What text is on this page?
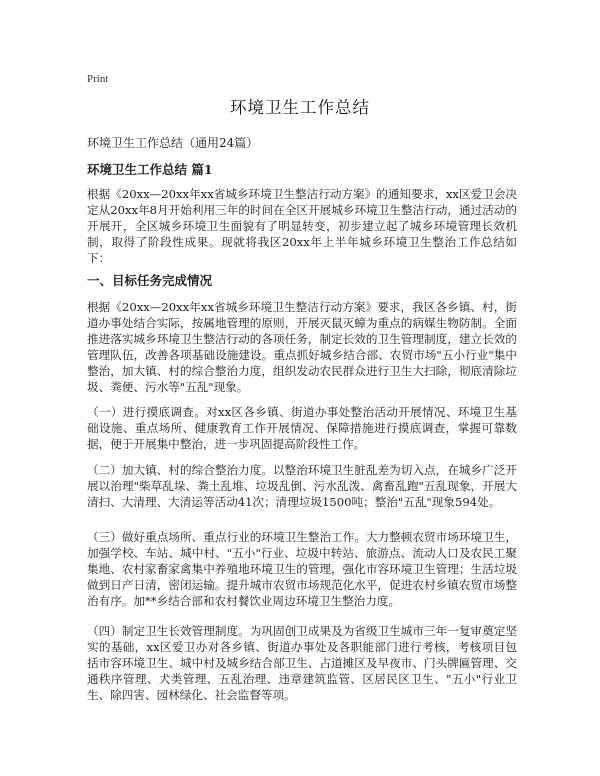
Print
环境卫生工作总结
环境卫生工作总结（通用24篇）
环境卫生工作总结 篇1

根据《20xx—20xx年xx省城乡环境卫生整洁行动方案》的通知要求，xx区爱卫会决定从20xx年8月开始利用三年的时间在全区开展城乡环境卫生整洁行动，通过活动的开展开，全区城乡环境卫生面貌有了明显转变，初步建立起了城乡环境管理长效机制，取得了阶段性成果。现就将我区20xx年上半年城乡环境卫生整治工作总结如下：

一、目标任务完成情况

根据《20xx—20xx年xx省城乡环境卫生整洁行动方案》要求，我区各乡镇、村，街道办事处结合实际，按属地管理的原则，开展灭鼠灭蟑为重点的病媒生物防制。全面推进落实城乡环境卫生整洁行动的各项任务，制定长效的卫生管理制度，建立长效的管理队伍，改善各项基础设施建设。重点抓好城乡结合部、农贸市场"五小行业"集中整治，加大镇、村的综合整治力度，组织发动农民群众进行卫生大扫除，彻底清除垃圾、粪便、污水等"五乱"现象。

（一）进行摸底调查。对xx区各乡镇、街道办事处整治活动开展情况、环境卫生基础设施、重点场所、健康教育工作开展情况、保障措施进行摸底调查，掌握可靠数据，便于开展集中整治，进一步巩固提高阶段性工作。

（二）加大镇、村的综合整治力度。以整治环境卫生脏乱差为切入点，在城乡广泛开展以治理"柴草乱垛、粪土乱堆、垃圾乱倒、污水乱泼、禽畜乱跑"五乱现象，开展大清扫、大清理、大清运等活动41次；清理垃圾1500吨；整治"五乱"现象594处。

（三）做好重点场所、重点行业的环境卫生整治工作。大力整顿农贸市场环境卫生，加强学校、车站、城中村、"五小"行业、垃圾中转站、旅游点、流动人口及农民工聚集地、农村家畜家禽集中养殖地环境卫生的管理，强化市容环境卫生管理；生活垃圾做到日产日清，密闭运输。提升城市农贸市场规范化水平，促进农村乡镇农贸市场整治有序。加**乡结合部和农村餐饮业周边环境卫生整治力度。

（四）制定卫生长效管理制度。为巩固创卫成果及为省级卫生城市三年一复审奠定坚实的基础，xx区爱卫办对各乡镇、街道办事处及各职能部门进行考核，考核项目包括市容环境卫生、城中村及城乡结合部卫生、占道摊区及早夜市、门头牌匾管理、交通秩序管理、犬类管理、五乱治理、违章建筑监管、区居民区卫生、"五小"行业卫生、除四害、园林绿化、社会监督等项。
